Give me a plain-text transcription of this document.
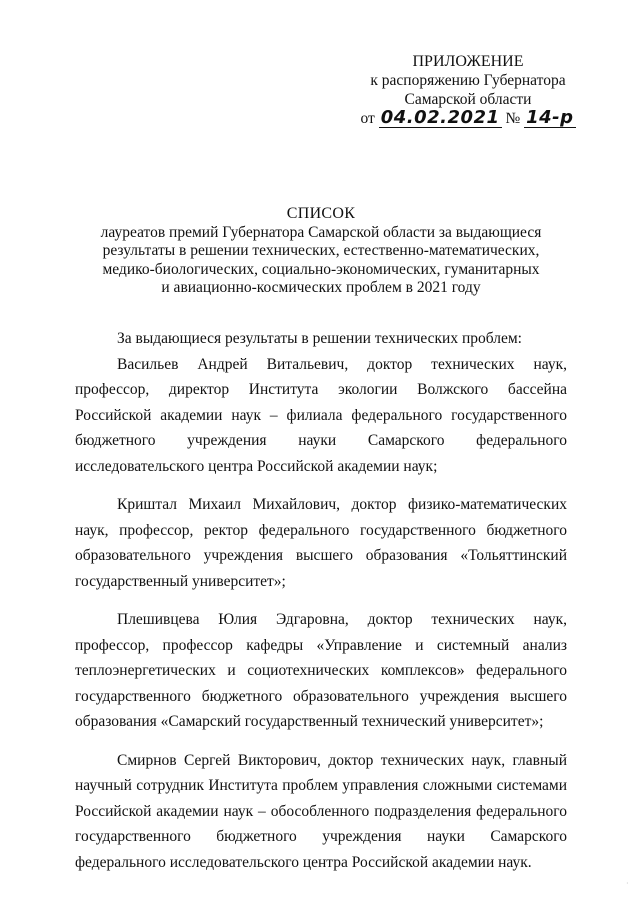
ПРИЛОЖЕНИЕ
к распоряжению Губернатора
Самарской области
от 04.02.2021 № 14-р
СПИСОК
лауреатов премий Губернатора Самарской области за выдающиеся
результаты в решении технических, естественно-математических,
медико-биологических, социально-экономических, гуманитарных
и авиационно-космических проблем в 2021 году

За выдающиеся результаты в решении технических проблем:

Васильев Андрей Витальевич, доктор технических наук, профессор, директор Института экологии Волжского бассейна Российской академии наук – филиала федерального государственного бюджетного учреждения науки Самарского федерального исследовательского центра Российской академии наук;

Криштал Михаил Михайлович, доктор физико-математических наук, профессор, ректор федерального государственного бюджетного образовательного учреждения высшего образования «Тольяттинский государственный университет»;

Плешивцева Юлия Эдгаровна, доктор технических наук, профессор, профессор кафедры «Управление и системный анализ теплоэнергетических и социотехнических комплексов» федерального государственного бюджетного образовательного учреждения высшего образования «Самарский государственный технический университет»;

Смирнов Сергей Викторович, доктор технических наук, главный научный сотрудник Института проблем управления сложными системами Российской академии наук – обособленного подразделения федерального государственного бюджетного учреждения науки Самарского федерального исследовательского центра Российской академии наук.

·
